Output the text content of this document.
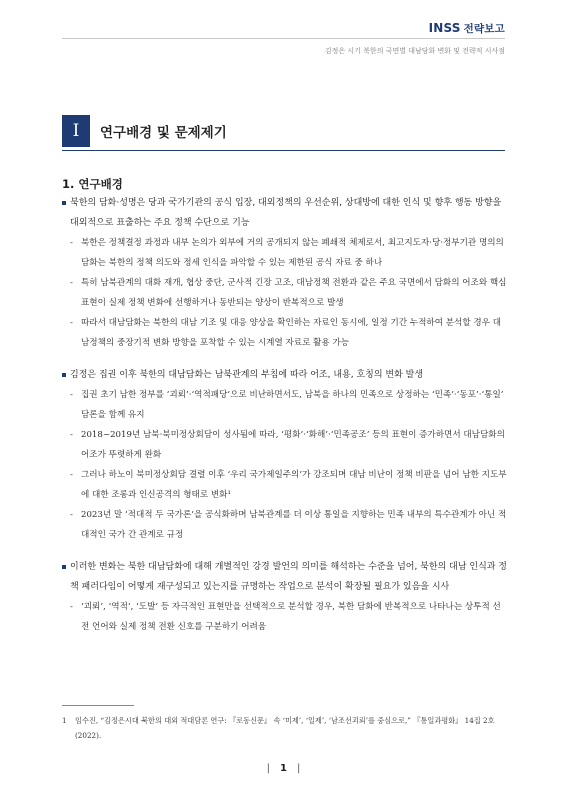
INSS 전략보고
김정은 시기 북한의 국면별 대남담화 변화 및 전략적 시사점
I	연구배경 및 문제제기
1. 연구배경
북한의 담화·성명은 당과 국가기관의 공식 입장, 대외정책의 우선순위, 상대방에 대한 인식 및 향후 행동 방향을 대외적으로 표출하는 주요 정책 수단으로 기능
- 북한은 정책결정 과정과 내부 논의가 외부에 거의 공개되지 않는 폐쇄적 체제로서, 최고지도자·당·정부기관 명의의 담화는 북한의 정책 의도와 정세 인식을 파악할 수 있는 제한된 공식 자료 중 하나
- 특히 남북관계의 대화 재개, 협상 중단, 군사적 긴장 고조, 대남정책 전환과 같은 주요 국면에서 담화의 어조와 핵심 표현이 실제 정책 변화에 선행하거나 동반되는 양상이 반복적으로 발생
- 따라서 대남담화는 북한의 대남 기조 및 대응 양상을 확인하는 자료인 동시에, 일정 기간 누적하여 분석할 경우 대남정책의 중장기적 변화 방향을 포착할 수 있는 시계열 자료로 활용 가능
김정은 집권 이후 북한의 대남담화는 남북관계의 부침에 따라 어조, 내용, 호칭의 변화 발생
- 집권 초기 남한 정부를 ‘괴뢰’·‘역적패당’으로 비난하면서도, 남북을 하나의 민족으로 상정하는 ‘민족’·‘동포’·‘통일’ 담론을 함께 유지
- 2018~2019년 남북·북미정상회담이 성사됨에 따라, ‘평화’·‘화해’·‘민족공조’ 등의 표현이 증가하면서 대남담화의 어조가 뚜렷하게 완화
- 그러나 하노이 북미정상회담 결렬 이후 ‘우리 국가제일주의’가 강조되며 대남 비난이 정책 비판을 넘어 남한 지도부에 대한 조롱과 인신공격의 형태로 변화¹
- 2023년 말 ‘적대적 두 국가론’을 공식화하며 남북관계를 더 이상 통일을 지향하는 민족 내부의 특수관계가 아닌 적대적인 국가 간 관계로 규정
이러한 변화는 북한 대남담화에 대해 개별적인 강경 발언의 의미를 해석하는 수준을 넘어, 북한의 대남 인식과 정책 패러다임이 어떻게 재구성되고 있는지를 규명하는 작업으로 분석이 확장될 필요가 있음을 시사
- ‘괴뢰’, ‘역적’, ‘도발’ 등 자극적인 표현만을 선택적으로 분석할 경우, 북한 담화에 반복적으로 나타나는 상투적 선전 언어와 실제 정책 전환 신호를 구분하기 어려움
1	임수진, “김정은시대 북한의 대외 적대담론 연구: 『로동신문』 속 ‘미제’, ‘일제’, ‘남조선괴뢰’를 중심으로,” 『통일과평화』 14집 2호 (2022).
| 1 |
